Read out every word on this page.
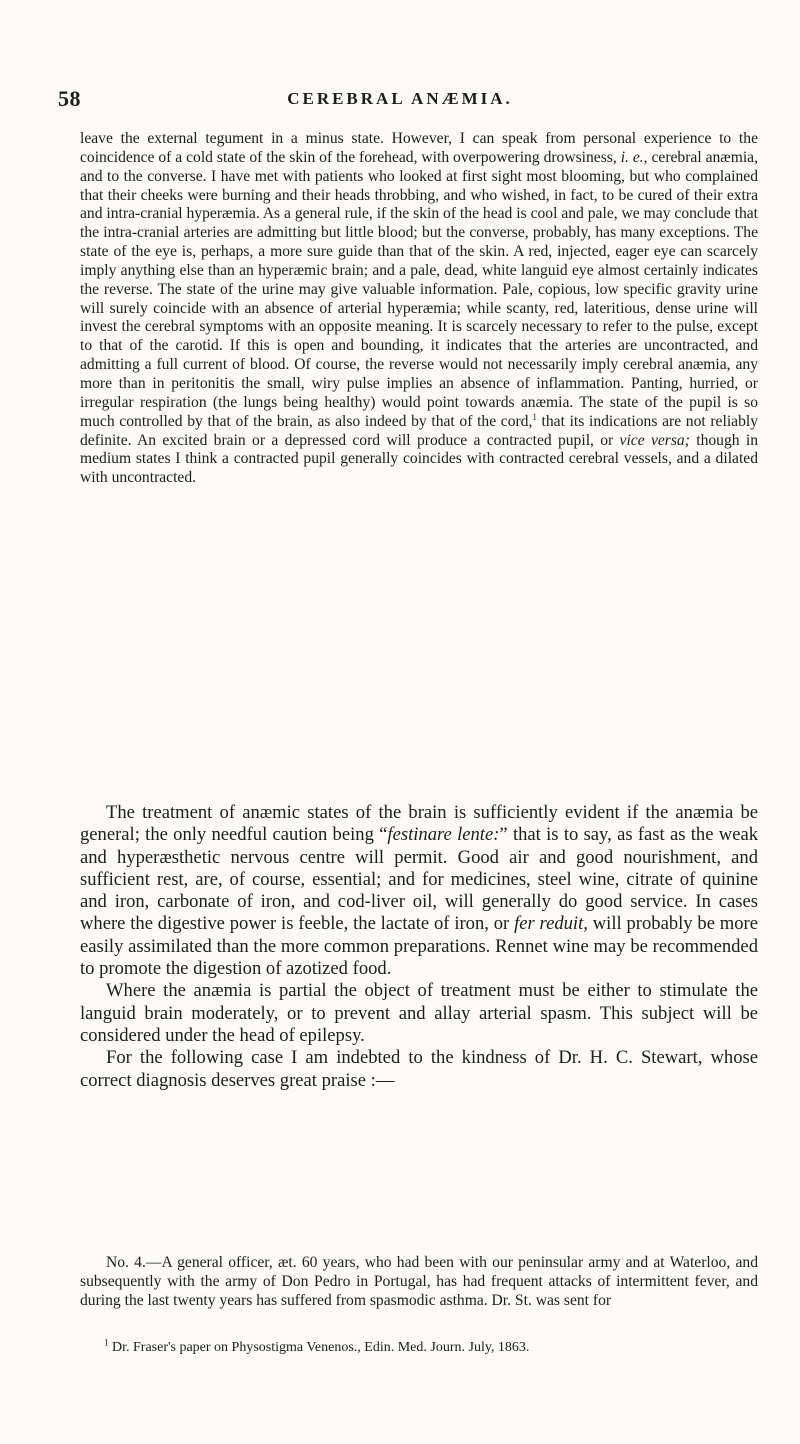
58	CEREBRAL ANÆMIA.

leave the external tegument in a minus state. However, I can speak from personal experience to the coincidence of a cold state of the skin of the forehead, with overpowering drowsiness, i. e., cerebral anæmia, and to the converse. I have met with patients who looked at first sight most blooming, but who complained that their cheeks were burning and their heads throbbing, and who wished, in fact, to be cured of their extra and intra-cranial hyperæmia. As a general rule, if the skin of the head is cool and pale, we may conclude that the intra-cranial arteries are admitting but little blood; but the converse, probably, has many exceptions. The state of the eye is, perhaps, a more sure guide than that of the skin. A red, injected, eager eye can scarcely imply anything else than an hyperæmic brain; and a pale, dead, white languid eye almost certainly indicates the reverse. The state of the urine may give valuable information. Pale, copious, low specific gravity urine will surely coincide with an absence of arterial hyperæmia; while scanty, red, lateritious, dense urine will invest the cerebral symptoms with an opposite meaning. It is scarcely necessary to refer to the pulse, except to that of the carotid. If this is open and bounding, it indicates that the arteries are uncontracted, and admitting a full current of blood. Of course, the reverse would not necessarily imply cerebral anæmia, any more than in peritonitis the small, wiry pulse implies an absence of inflammation. Panting, hurried, or irregular respiration (the lungs being healthy) would point towards anæmia. The state of the pupil is so much controlled by that of the brain, as also indeed by that of the cord,$^1$ that its indications are not reliably definite. An excited brain or a depressed cord will produce a contracted pupil, or vice versa; though in medium states I think a contracted pupil generally coincides with contracted cerebral vessels, and a dilated with uncontracted.

The treatment of anæmic states of the brain is sufficiently evident if the anæmia be general; the only needful caution being “festinare lente:” that is to say, as fast as the weak and hyperæsthetic nervous centre will permit. Good air and good nourishment, and sufficient rest, are, of course, essential; and for medicines, steel wine, citrate of quinine and iron, carbonate of iron, and cod-liver oil, will generally do good service. In cases where the digestive power is feeble, the lactate of iron, or fer reduit, will probably be more easily assimilated than the more common preparations. Rennet wine may be recommended to promote the digestion of azotized food.

Where the anæmia is partial the object of treatment must be either to stimulate the languid brain moderately, or to prevent and allay arterial spasm. This subject will be considered under the head of epilepsy.

For the following case I am indebted to the kindness of Dr. H. C. Stewart, whose correct diagnosis deserves great praise :—

No. 4.—A general officer, æt. 60 years, who had been with our peninsular army and at Waterloo, and subsequently with the army of Don Pedro in Portugal, has had frequent attacks of intermittent fever, and during the last twenty years has suffered from spasmodic asthma. Dr. St. was sent for

$^1$ Dr. Fraser's paper on Physostigma Venenos., Edin. Med. Journ. July, 1863.
